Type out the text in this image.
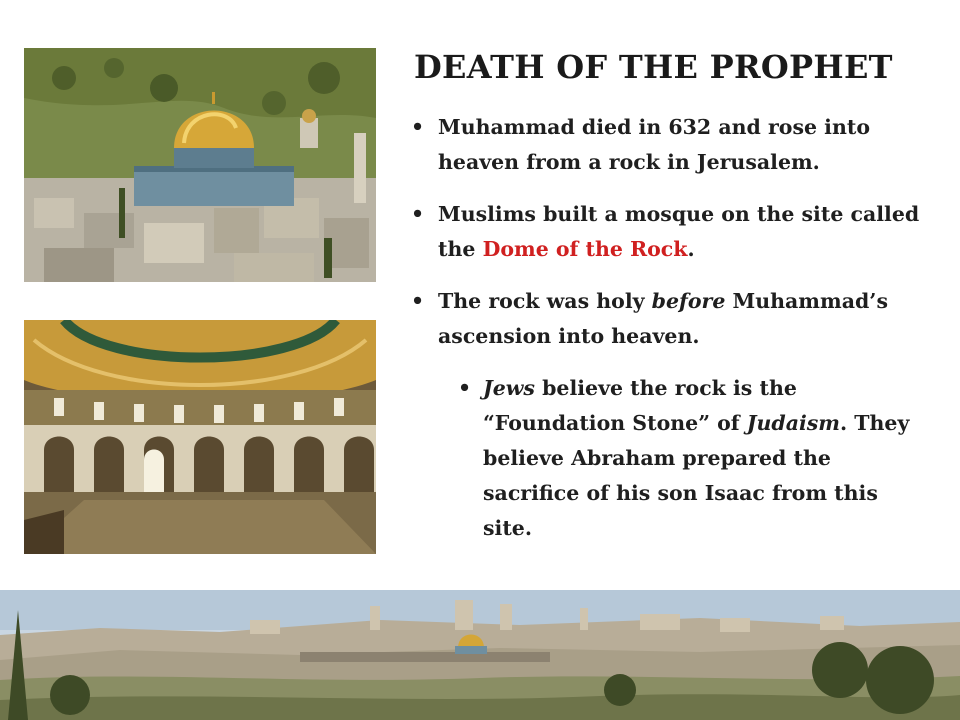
DEATH OF THE PROPHET
• Muhammad died in 632 and rose into heaven from a rock in Jerusalem.
• Muslims built a mosque on the site called the Dome of the Rock.
• The rock was holy before Muhammad’s ascension into heaven.
• Jews believe the rock is the “Foundation Stone” of Judaism. They believe Abraham prepared the sacrifice of his son Isaac from this site.
